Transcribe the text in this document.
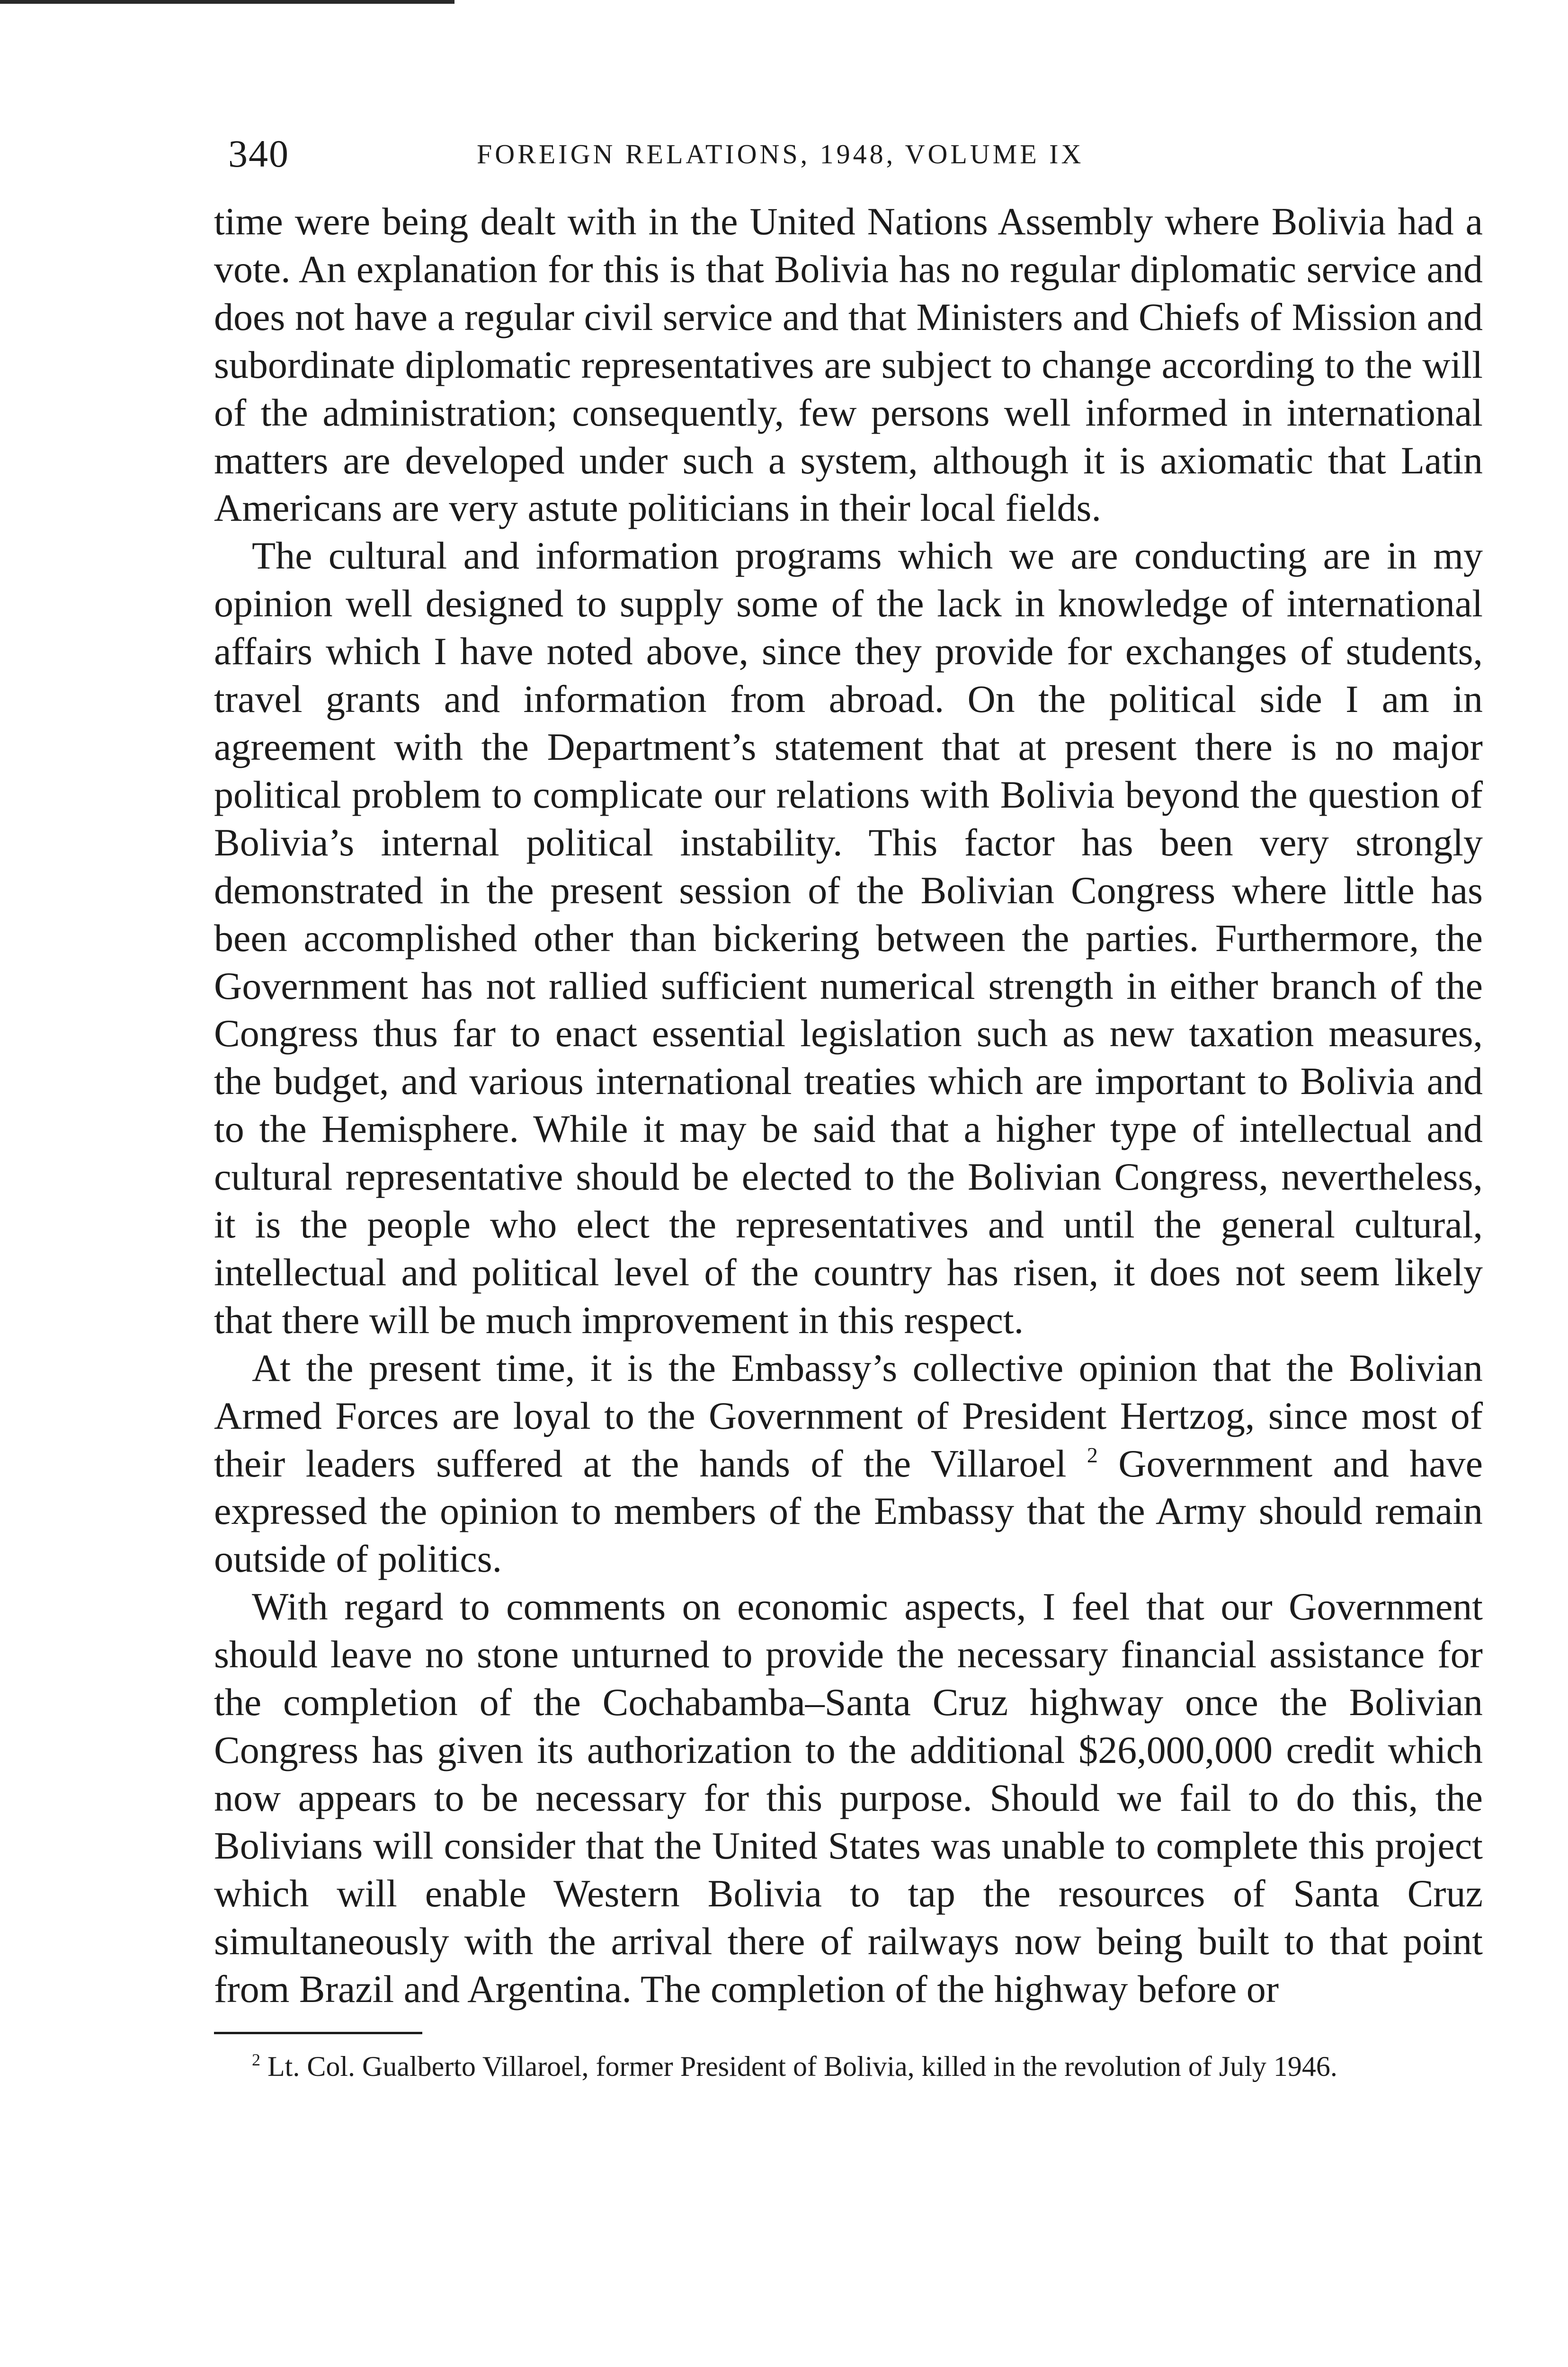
340	FOREIGN RELATIONS, 1948, VOLUME IX

time were being dealt with in the United Nations Assembly where Bolivia had a vote. An explanation for this is that Bolivia has no regular diplomatic service and does not have a regular civil service and that Ministers and Chiefs of Mission and subordinate diplomatic representatives are subject to change according to the will of the administration; consequently, few persons well informed in international matters are developed under such a system, although it is axiomatic that Latin Americans are very astute politicians in their local fields.

The cultural and information programs which we are conducting are in my opinion well designed to supply some of the lack in knowledge of international affairs which I have noted above, since they provide for exchanges of students, travel grants and information from abroad. On the political side I am in agreement with the Department’s statement that at present there is no major political problem to complicate our relations with Bolivia beyond the question of Bolivia’s internal political instability. This factor has been very strongly demonstrated in the present session of the Bolivian Congress where little has been accomplished other than bickering between the parties. Furthermore, the Government has not rallied sufficient numerical strength in either branch of the Congress thus far to enact essential legislation such as new taxation measures, the budget, and various international treaties which are important to Bolivia and to the Hemisphere. While it may be said that a higher type of intellectual and cultural representative should be elected to the Bolivian Congress, nevertheless, it is the people who elect the representatives and until the general cultural, intellectual and political level of the country has risen, it does not seem likely that there will be much improvement in this respect.

At the present time, it is the Embassy’s collective opinion that the Bolivian Armed Forces are loyal to the Government of President Hertzog, since most of their leaders suffered at the hands of the Villaroel $^2$ Government and have expressed the opinion to members of the Embassy that the Army should remain outside of politics.

With regard to comments on economic aspects, I feel that our Government should leave no stone unturned to provide the necessary financial assistance for the completion of the Cochabamba–Santa Cruz highway once the Bolivian Congress has given its authorization to the additional $26,000,000 credit which now appears to be necessary for this purpose. Should we fail to do this, the Bolivians will consider that the United States was unable to complete this project which will enable Western Bolivia to tap the resources of Santa Cruz simultaneously with the arrival there of railways now being built to that point from Brazil and Argentina. The completion of the highway before or

$^2$ Lt. Col. Gualberto Villaroel, former President of Bolivia, killed in the revolution of July 1946.
